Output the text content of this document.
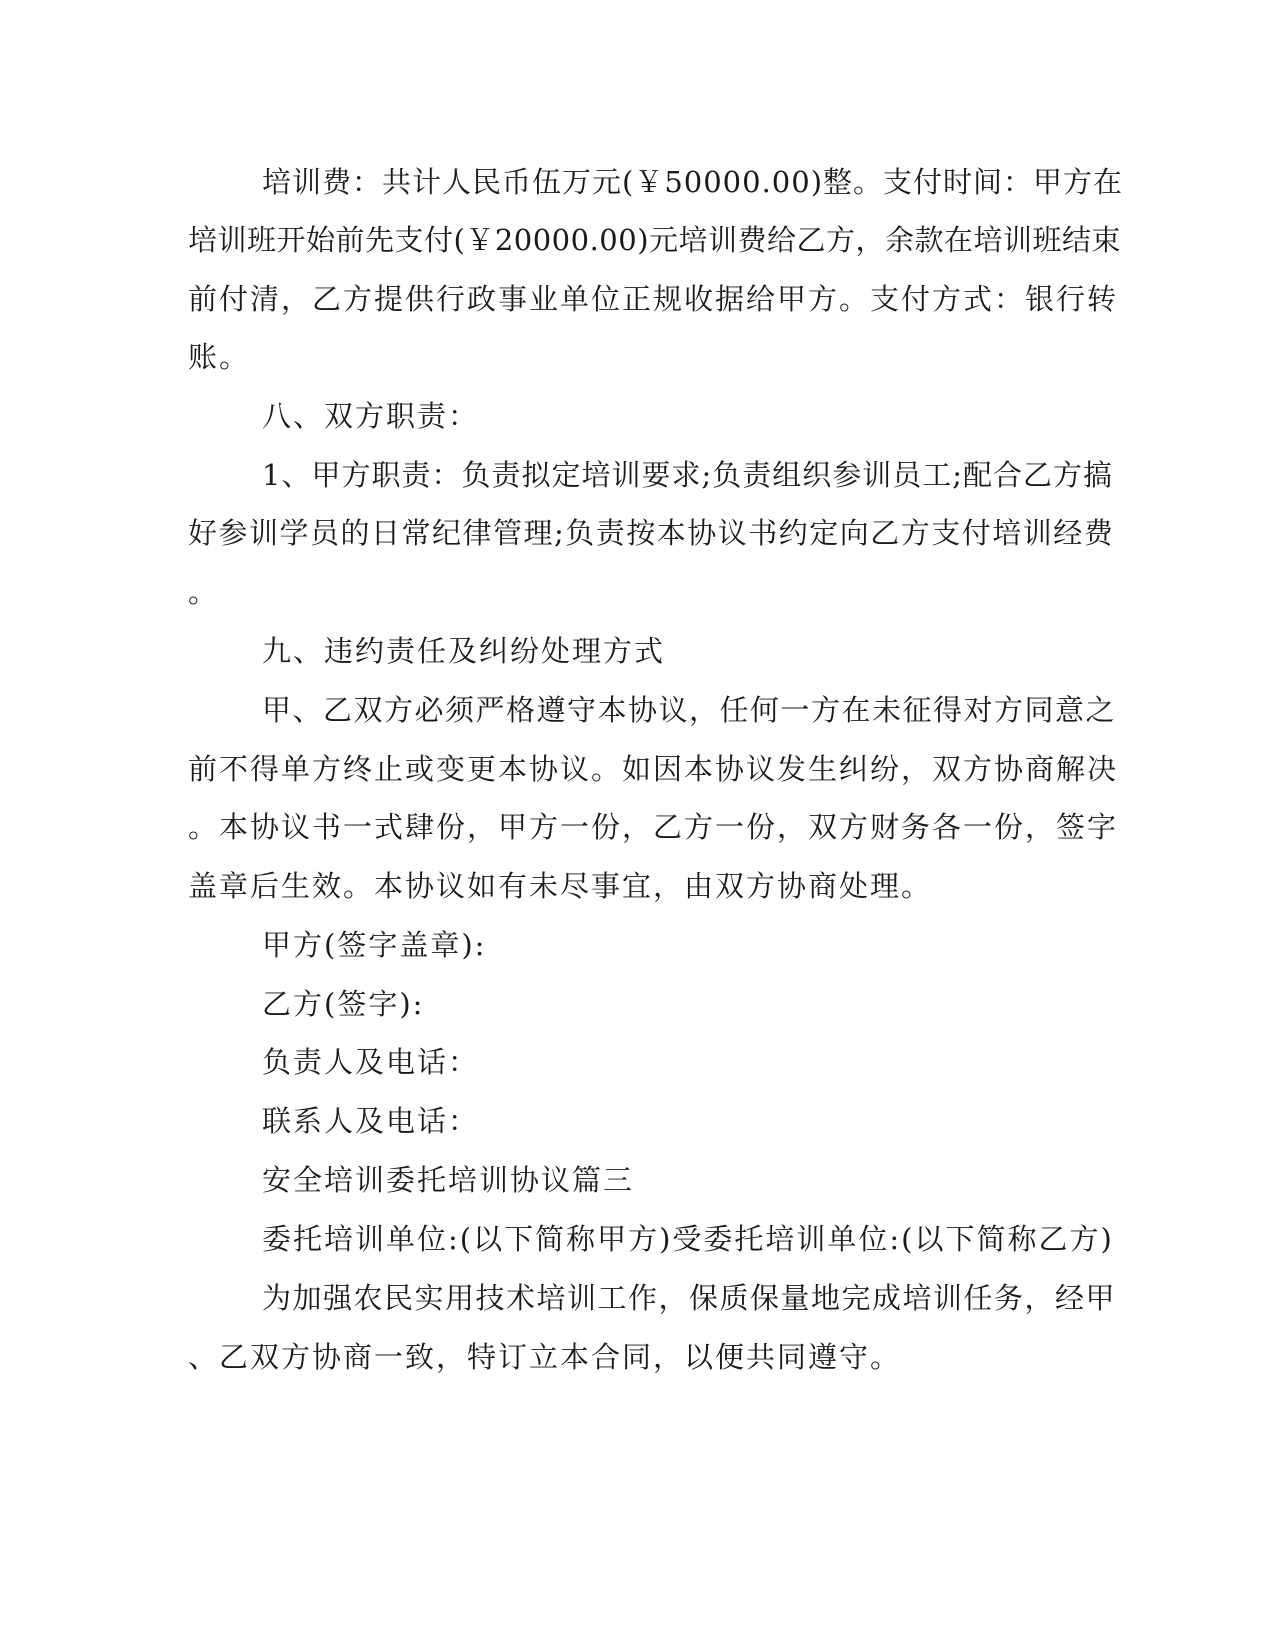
培训费：共计人民币伍万元(￥50000.00)整。支付时间：甲方在

培训班开始前先支付(￥20000.00)元培训费给乙方，余款在培训班结束

前付清，乙方提供行政事业单位正规收据给甲方。支付方式：银行转

账。

八、双方职责：

1、甲方职责：负责拟定培训要求;负责组织参训员工;配合乙方搞

好参训学员的日常纪律管理;负责按本协议书约定向乙方支付培训经费

。

九、违约责任及纠纷处理方式

甲、乙双方必须严格遵守本协议，任何一方在未征得对方同意之

前不得单方终止或变更本协议。如因本协议发生纠纷，双方协商解决

。本协议书一式肆份，甲方一份，乙方一份，双方财务各一份，签字

盖章后生效。本协议如有未尽事宜，由双方协商处理。

甲方(签字盖章):

乙方(签字):

负责人及电话：

联系人及电话：

安全培训委托培训协议篇三

委托培训单位:(以下简称甲方)受委托培训单位:(以下简称乙方)

为加强农民实用技术培训工作，保质保量地完成培训任务，经甲

、乙双方协商一致，特订立本合同，以便共同遵守。
